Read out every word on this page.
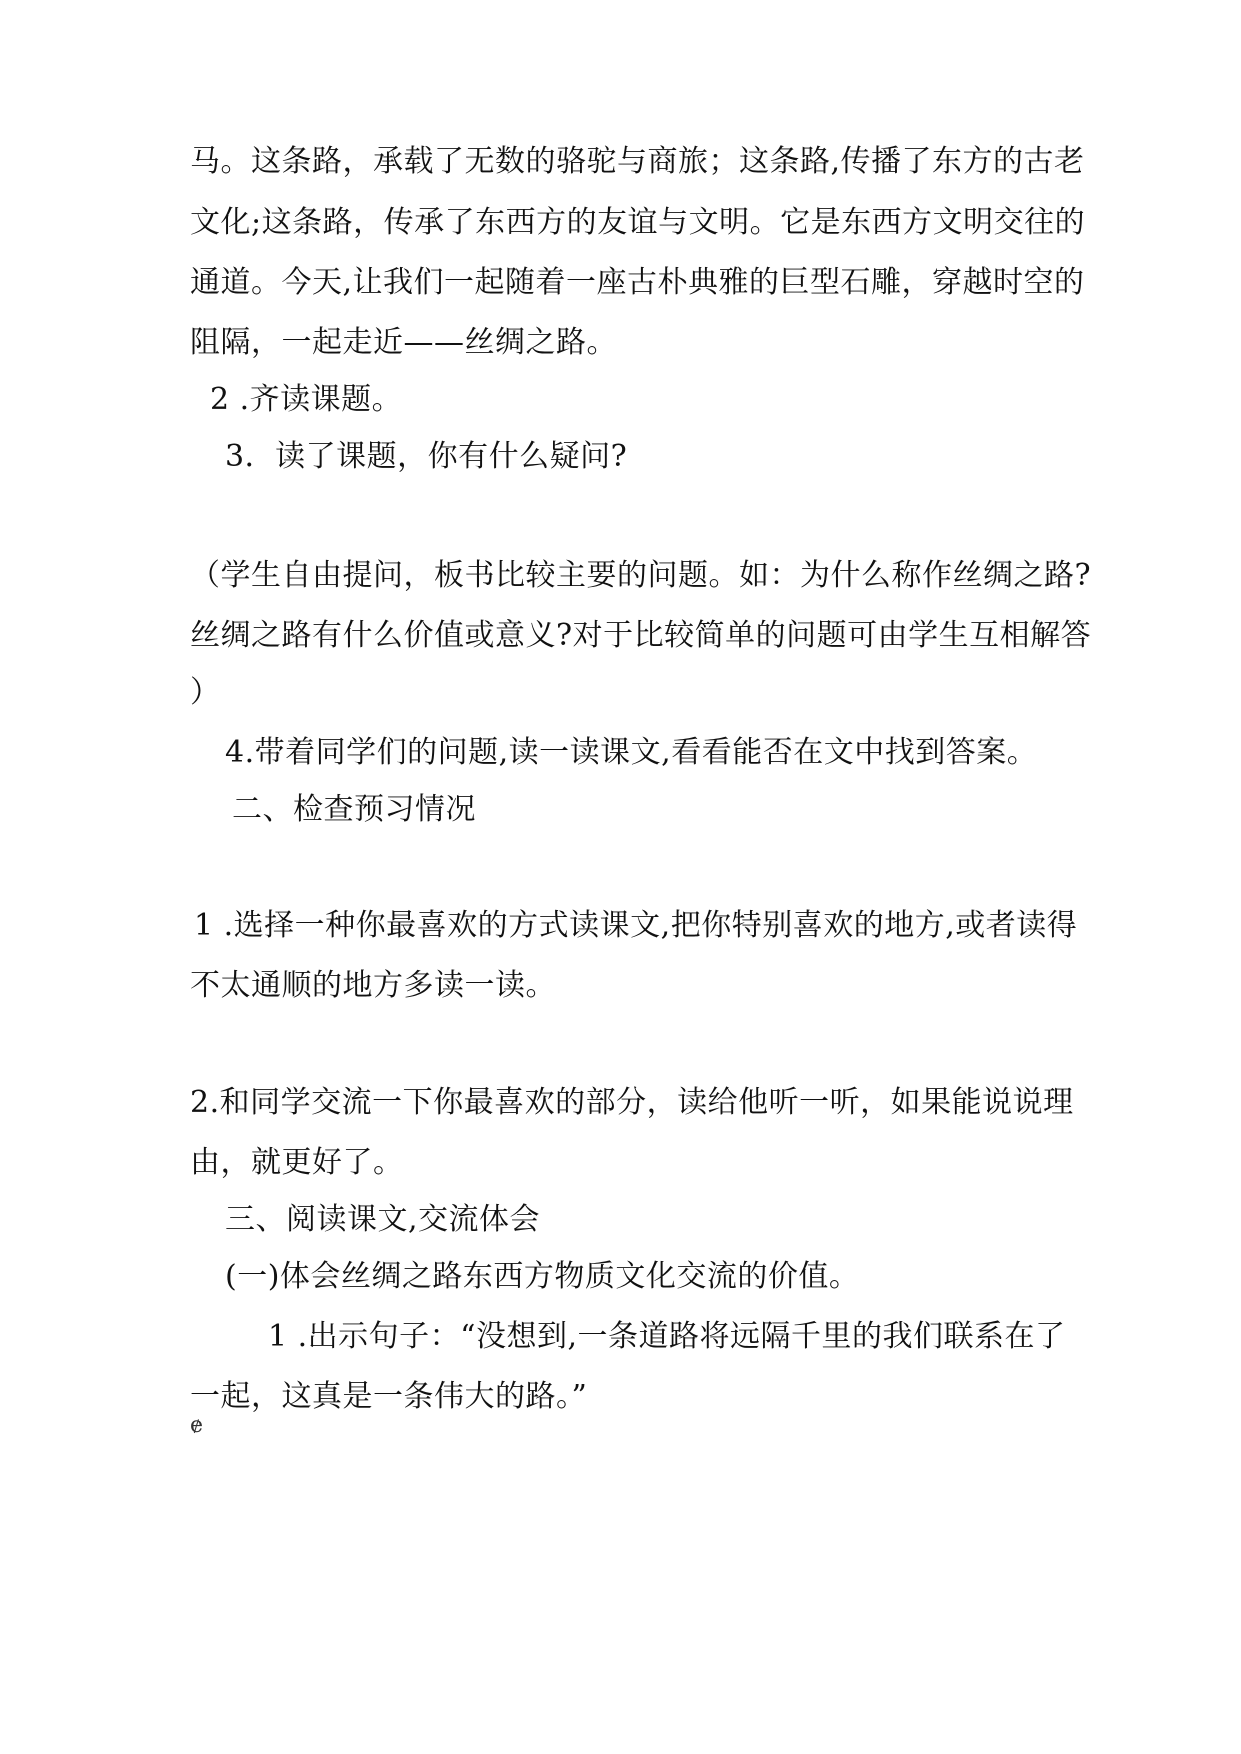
马。这条路，承载了无数的骆驼与商旅；这条路,传播了东方的古老
文化;这条路，传承了东西方的友谊与文明。它是东西方文明交往的
通道。今天,让我们一起随着一座古朴典雅的巨型石雕，穿越时空的
阻隔，一起走近——丝绸之路。
2 .齐读课题。
3．读了课题，你有什么疑问?
（学生自由提问，板书比较主要的问题。如：为什么称作丝绸之路?
丝绸之路有什么价值或意义?对于比较简单的问题可由学生互相解答
）
4.带着同学们的问题,读一读课文,看看能否在文中找到答案。
二、检查预习情况
1 .选择一种你最喜欢的方式读课文,把你特别喜欢的地方,或者读得
不太通顺的地方多读一读。
2.和同学交流一下你最喜欢的部分，读给他听一听，如果能说说理
由，就更好了。
三、阅读课文,交流体会
ɇ
(一)体会丝绸之路东西方物质文化交流的价值。
1 .出示句子：“没想到,一条道路将远隔千里的我们联系在了
一起，这真是一条伟大的路。”
